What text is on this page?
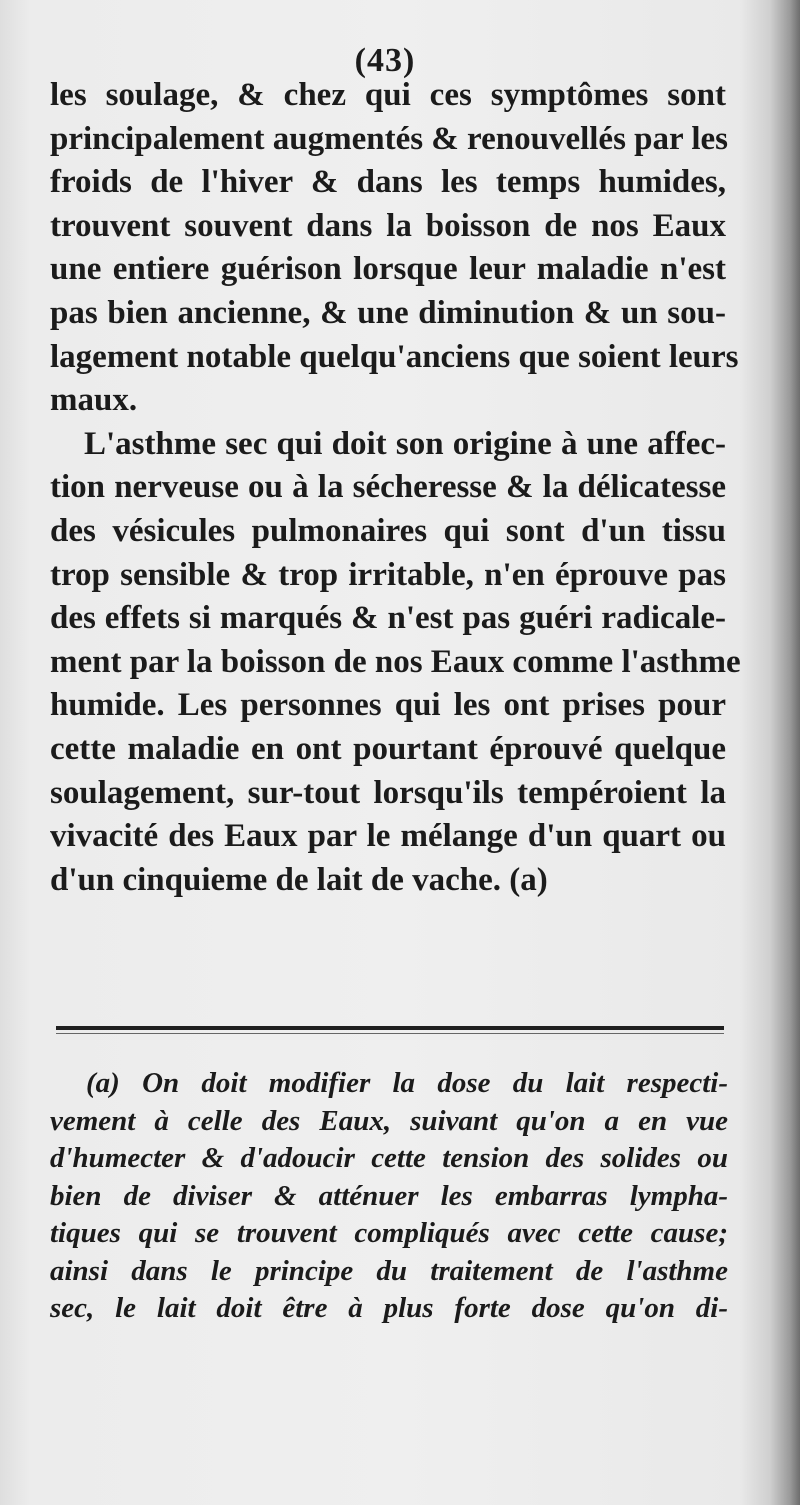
(43)
les soulage, & chez qui ces symptômes sont
principalement augmentés & renouvellés par les
froids de l'hiver & dans les temps humides,
trouvent souvent dans la boisson de nos Eaux
une entiere guérison lorsque leur maladie n'est
pas bien ancienne, & une diminution & un sou-
lagement notable quelqu'anciens que soient leurs
maux.
L'asthme sec qui doit son origine à une affec-
tion nerveuse ou à la sécheresse & la délicatesse
des vésicules pulmonaires qui sont d'un tissu
trop sensible & trop irritable, n'en éprouve pas
des effets si marqués & n'est pas guéri radicale-
ment par la boisson de nos Eaux comme l'asthme
humide. Les personnes qui les ont prises pour
cette maladie en ont pourtant éprouvé quelque
soulagement, sur-tout lorsqu'ils tempéroient la
vivacité des Eaux par le mélange d'un quart ou
d'un cinquieme de lait de vache. (a)
(a) On doit modifier la dose du lait respecti-
vement à celle des Eaux, suivant qu'on a en vue
d'humecter & d'adoucir cette tension des solides ou
bien de diviser & atténuer les embarras lympha-
tiques qui se trouvent compliqués avec cette cause;
ainsi dans le principe du traitement de l'asthme
sec, le lait doit être à plus forte dose qu'on di-
